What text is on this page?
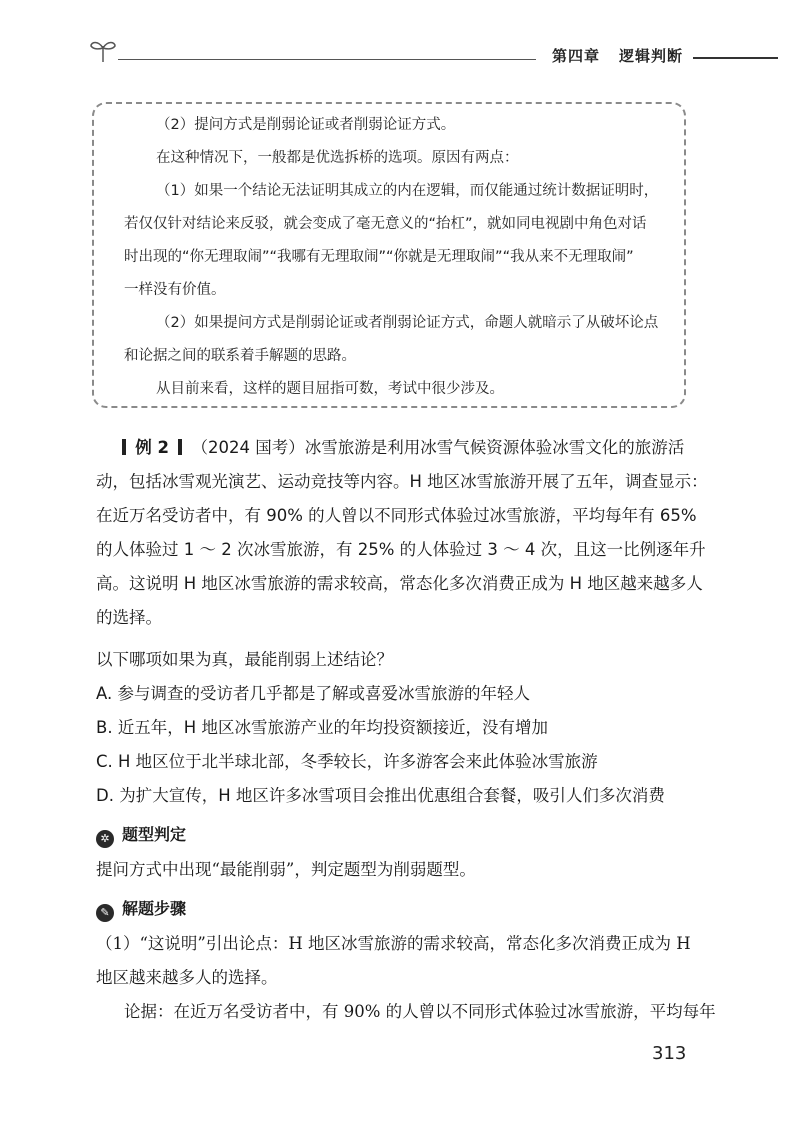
第四章 逻辑判断
（2）提问方式是削弱论证或者削弱论证方式。
在这种情况下，一般都是优选拆桥的选项。原因有两点：
（1）如果一个结论无法证明其成立的内在逻辑，而仅能通过统计数据证明时，
若仅仅针对结论来反驳，就会变成了毫无意义的“抬杠”，就如同电视剧中角色对话
时出现的“你无理取闹”“我哪有无理取闹”“你就是无理取闹”“我从来不无理取闹”
一样没有价值。
（2）如果提问方式是削弱论证或者削弱论证方式，命题人就暗示了从破坏论点
和论据之间的联系着手解题的思路。
从目前来看，这样的题目屈指可数，考试中很少涉及。
例 2 （2024 国考）冰雪旅游是利用冰雪气候资源体验冰雪文化的旅游活
动，包括冰雪观光演艺、运动竞技等内容。H 地区冰雪旅游开展了五年，调查显示：
在近万名受访者中，有 90% 的人曾以不同形式体验过冰雪旅游，平均每年有 65%
的人体验过 1 ～ 2 次冰雪旅游，有 25% 的人体验过 3 ～ 4 次，且这一比例逐年升
高。这说明 H 地区冰雪旅游的需求较高，常态化多次消费正成为 H 地区越来越多人
的选择。
以下哪项如果为真，最能削弱上述结论？
A. 参与调查的受访者几乎都是了解或喜爱冰雪旅游的年轻人
B. 近五年，H 地区冰雪旅游产业的年均投资额接近，没有增加
C. H 地区位于北半球北部，冬季较长，许多游客会来此体验冰雪旅游
D. 为扩大宣传，H 地区许多冰雪项目会推出优惠组合套餐，吸引人们多次消费
✲ 题型判定
提问方式中出现“最能削弱”，判定题型为削弱题型。
✎ 解题步骤
（1）“这说明”引出论点：H 地区冰雪旅游的需求较高，常态化多次消费正成为 H
地区越来越多人的选择。
论据：在近万名受访者中，有 90% 的人曾以不同形式体验过冰雪旅游，平均每年
313
